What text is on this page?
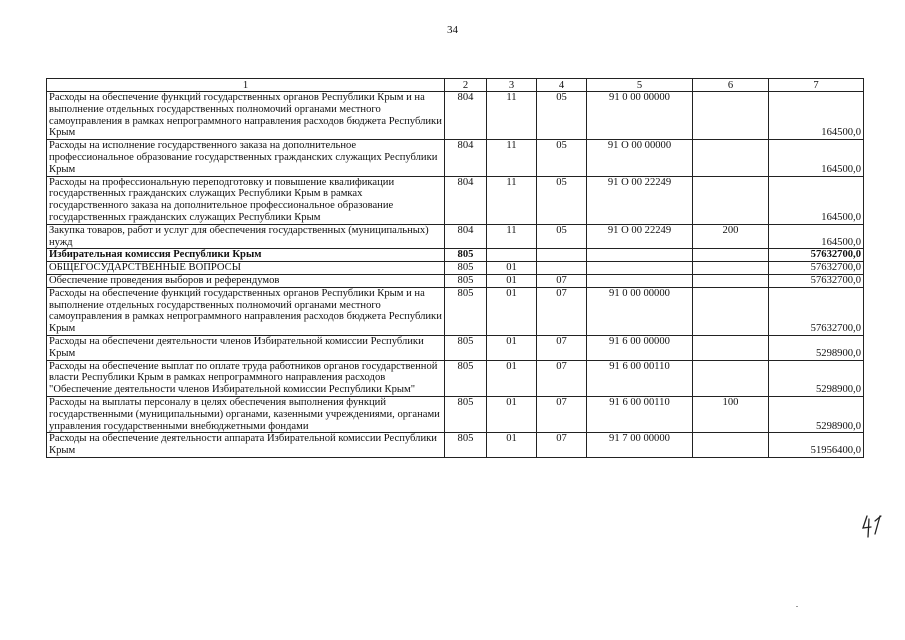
34
1	2	3	4	5	6	7
Расходы на обеспечение функций государственных органов Республики Крым и на выполнение отдельных государственных полномочий органами местного самоуправления в рамках непрограммного направления расходов бюджета Республики Крым	804	11	05	91 0 00 00000		164500,0
Расходы на исполнение государственного заказа на дополнительное профессиональное образование государственных гражданских служащих Республики Крым	804	11	05	91 О 00 00000		164500,0
Расходы на профессиональную переподготовку и повышение квалификации государственных гражданских служащих Республики Крым в рамках государственного заказа на дополнительное профессиональное образование государственных гражданских служащих Республики Крым	804	11	05	91 О 00 22249		164500,0
Закупка товаров, работ и услуг для обеспечения государственных (муниципальных) нужд	804	11	05	91 О 00 22249	200	164500,0
Избирательная комиссия Республики Крым	805					57632700,0
ОБЩЕГОСУДАРСТВЕННЫЕ ВОПРОСЫ	805	01				57632700,0
Обеспечение проведения выборов и референдумов	805	01	07			57632700,0
Расходы на обеспечение функций государственных органов Республики Крым и на выполнение отдельных государственных полномочий органами местного самоуправления в рамках непрограммного направления расходов бюджета Республики Крым	805	01	07	91 0 00 00000		57632700,0
Расходы на обеспечени деятельности членов Избирательной комиссии Республики Крым	805	01	07	91 6 00 00000		5298900,0
Расходы на обеспечение выплат по оплате труда работников органов государственной власти Республики Крым в рамках непрограммного направления расходов "Обеспечение деятельности членов Избирательной комиссии Республики Крым"	805	01	07	91 6 00 00110		5298900,0
Расходы на выплаты персоналу в целях обеспечения выполнения функций государственными (муниципальными) органами, казенными учреждениями, органами управления государственными внебюджетными фондами	805	01	07	91 6 00 00110	100	5298900,0
Расходы на обеспечение деятельности аппарата Избирательной комиссии Республики Крым	805	01	07	91 7 00 00000		51956400,0
